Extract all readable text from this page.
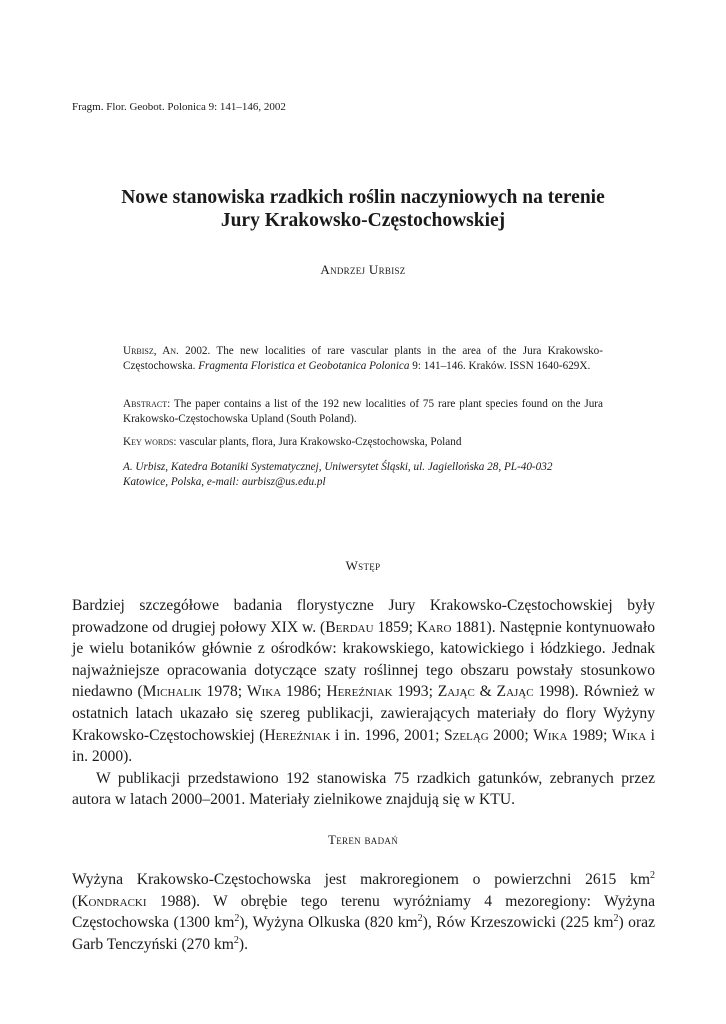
Fragm. Flor. Geobot. Polonica 9: 141–146, 2002
Nowe stanowiska rzadkich roślin naczyniowych na terenie
Jury Krakowsko-Częstochowskiej
Andrzej Urbisz
Urbisz, An. 2002. The new localities of rare vascular plants in the area of the Jura Krakowsko-Częstochowska. Fragmenta Floristica et Geobotanica Polonica 9: 141–146. Kraków. ISSN 1640-629X.
Abstract: The paper contains a list of the 192 new localities of 75 rare plant species found on the Jura Krakowsko-Częstochowska Upland (South Poland).
Key words: vascular plants, flora, Jura Krakowsko-Częstochowska, Poland
A. Urbisz, Katedra Botaniki Systematycznej, Uniwersytet Śląski, ul. Jagiellońska 28, PL-40-032
Katowice, Polska, e-mail: aurbisz@us.edu.pl
Wstęp

Bardziej szczegółowe badania florystyczne Jury Krakowsko-Częstochowskiej były prowadzone od drugiej połowy XIX w. (Berdau 1859; Karo 1881). Następnie kontynuowało je wielu botaników głównie z ośrodków: krakowskiego, katowickiego i łódzkiego. Jednak najważniejsze opracowania dotyczące szaty roślinnej tego obszaru powstały stosunkowo niedawno (Michalik 1978; Wika 1986; Hereźniak 1993; Zając & Zając 1998). Również w ostatnich latach ukazało się szereg publikacji, zawierających materiały do flory Wyżyny Krakowsko-Częstochowskiej (Hereźniak i in. 1996, 2001; Szeląg 2000; Wika 1989; Wika i in. 2000).

W publikacji przedstawiono 192 stanowiska 75 rzadkich gatunków, zebranych przez autora w latach 2000–2001. Materiały zielnikowe znajdują się w KTU.

Teren badań

Wyżyna Krakowsko-Częstochowska jest makroregionem o powierzchni 2615 $km^2$ (Kondracki 1988). W obrębie tego terenu wyróżniamy 4 mezoregiony: Wyżyna Częstochowska (1300 $km^2$), Wyżyna Olkuska (820 $km^2$), Rów Krzeszowicki (225 $km^2$) oraz Garb Tenczyński (270 $km^2$).
